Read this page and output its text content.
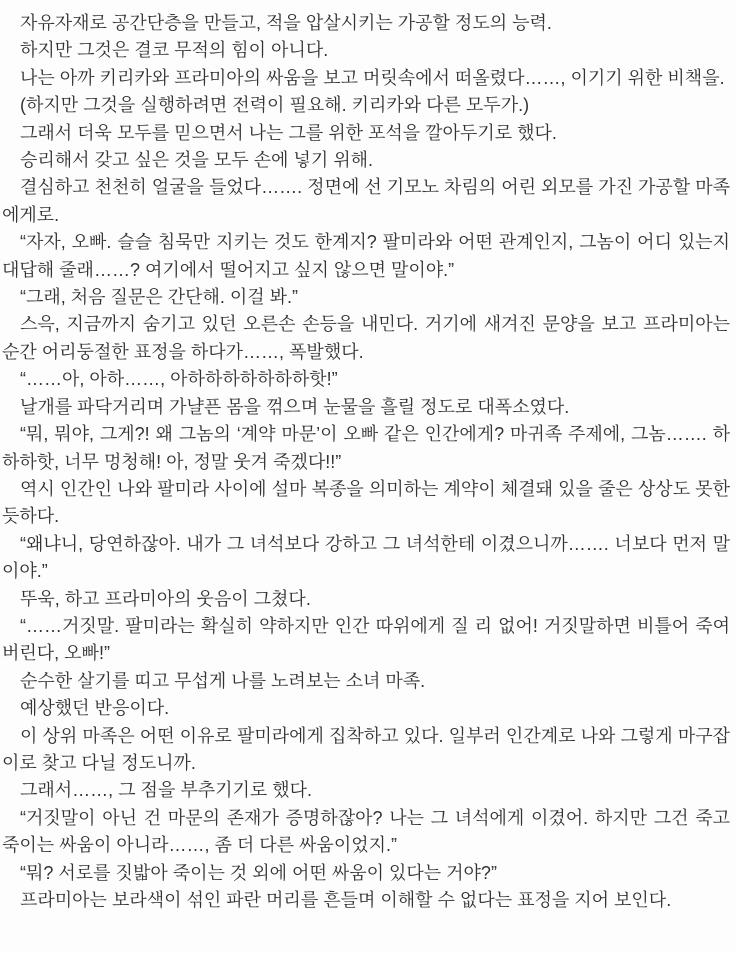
자유자재로 공간단층을 만들고, 적을 압살시키는 가공할 정도의 능력.

하지만 그것은 결코 무적의 힘이 아니다.

나는 아까 키리카와 프라미아의 싸움을 보고 머릿속에서 떠올렸다……, 이기기 위한 비책을.

(하지만 그것을 실행하려면 전력이 필요해. 키리카와 다른 모두가.)

그래서 더욱 모두를 믿으면서 나는 그를 위한 포석을 깔아두기로 했다.

승리해서 갖고 싶은 것을 모두 손에 넣기 위해.

결심하고 천천히 얼굴을 들었다……. 정면에 선 기모노 차림의 어린 외모를 가진 가공할 마족에게로.

“자자, 오빠. 슬슬 침묵만 지키는 것도 한계지? 팔미라와 어떤 관계인지, 그놈이 어디 있는지 대답해 줄래……? 여기에서 떨어지고 싶지 않으면 말이야.”

“그래, 처음 질문은 간단해. 이걸 봐.”

스윽, 지금까지 숨기고 있던 오른손 손등을 내민다. 거기에 새겨진 문양을 보고 프라미아는 순간 어리둥절한 표정을 하다가……, 폭발했다.

“……아, 아하……, 아하하하하하하하핫!”

날개를 파닥거리며 가냘픈 몸을 꺾으며 눈물을 흘릴 정도로 대폭소였다.

“뭐, 뭐야, 그게?! 왜 그놈의 ‘계약 마문’이 오빠 같은 인간에게? 마귀족 주제에, 그놈……. 하하하핫, 너무 멍청해! 아, 정말 웃겨 죽겠다!!”

역시 인간인 나와 팔미라 사이에 설마 복종을 의미하는 계약이 체결돼 있을 줄은 상상도 못한 듯하다.

“왜냐니, 당연하잖아. 내가 그 녀석보다 강하고 그 녀석한테 이겼으니까……. 너보다 먼저 말이야.”

뚜욱, 하고 프라미아의 웃음이 그쳤다.

“……거짓말. 팔미라는 확실히 약하지만 인간 따위에게 질 리 없어! 거짓말하면 비틀어 죽여버린다, 오빠!”

순수한 살기를 띠고 무섭게 나를 노려보는 소녀 마족.

예상했던 반응이다.

이 상위 마족은 어떤 이유로 팔미라에게 집착하고 있다. 일부러 인간계로 나와 그렇게 마구잡이로 찾고 다닐 정도니까.

그래서……, 그 점을 부추기기로 했다.

“거짓말이 아닌 건 마문의 존재가 증명하잖아? 나는 그 녀석에게 이겼어. 하지만 그건 죽고 죽이는 싸움이 아니라……, 좀 더 다른 싸움이었지.”

“뭐? 서로를 짓밟아 죽이는 것 외에 어떤 싸움이 있다는 거야?”

프라미아는 보라색이 섞인 파란 머리를 흔들며 이해할 수 없다는 표정을 지어 보인다.
